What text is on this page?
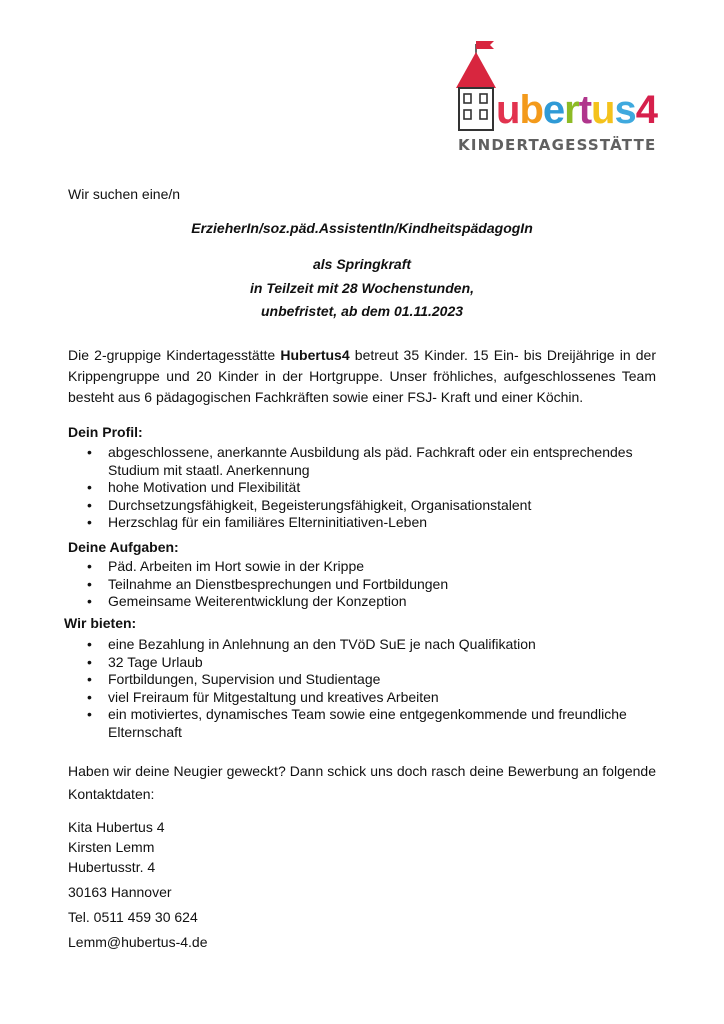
ubertus4
KINDERTAGESSTÄTTE
Wir suchen eine/n
ErzieherIn/soz.päd.AssistentIn/KindheitspädagogIn
als Springkraft
in Teilzeit mit 28 Wochenstunden,
unbefristet, ab dem 01.11.2023
Die 2-gruppige Kindertagesstätte Hubertus4 betreut 35 Kinder. 15 Ein- bis Dreijährige in der Krippengruppe und 20 Kinder in der Hortgruppe. Unser fröhliches, aufgeschlossenes Team besteht aus 6 pädagogischen Fachkräften sowie einer FSJ- Kraft und einer Köchin.
Dein Profil:
• abgeschlossene, anerkannte Ausbildung als päd. Fachkraft oder ein entsprechendes
Studium mit staatl. Anerkennung
• hohe Motivation und Flexibilität
• Durchsetzungsfähigkeit, Begeisterungsfähigkeit, Organisationstalent
• Herzschlag für ein familiäres Elterninitiativen-Leben
Deine Aufgaben:
• Päd. Arbeiten im Hort sowie in der Krippe
• Teilnahme an Dienstbesprechungen und Fortbildungen
• Gemeinsame Weiterentwicklung der Konzeption
Wir bieten:
• eine Bezahlung in Anlehnung an den TVöD SuE je nach Qualifikation
• 32 Tage Urlaub
• Fortbildungen, Supervision und Studientage
• viel Freiraum für Mitgestaltung und kreatives Arbeiten
• ein motiviertes, dynamisches Team sowie eine entgegenkommende und freundliche
Elternschaft
Haben wir deine Neugier geweckt? Dann schick uns doch rasch deine Bewerbung an folgende Kontaktdaten:
Kita Hubertus 4
Kirsten Lemm
Hubertusstr. 4
30163 Hannover
Tel. 0511 459 30 624
Lemm@hubertus-4.de
